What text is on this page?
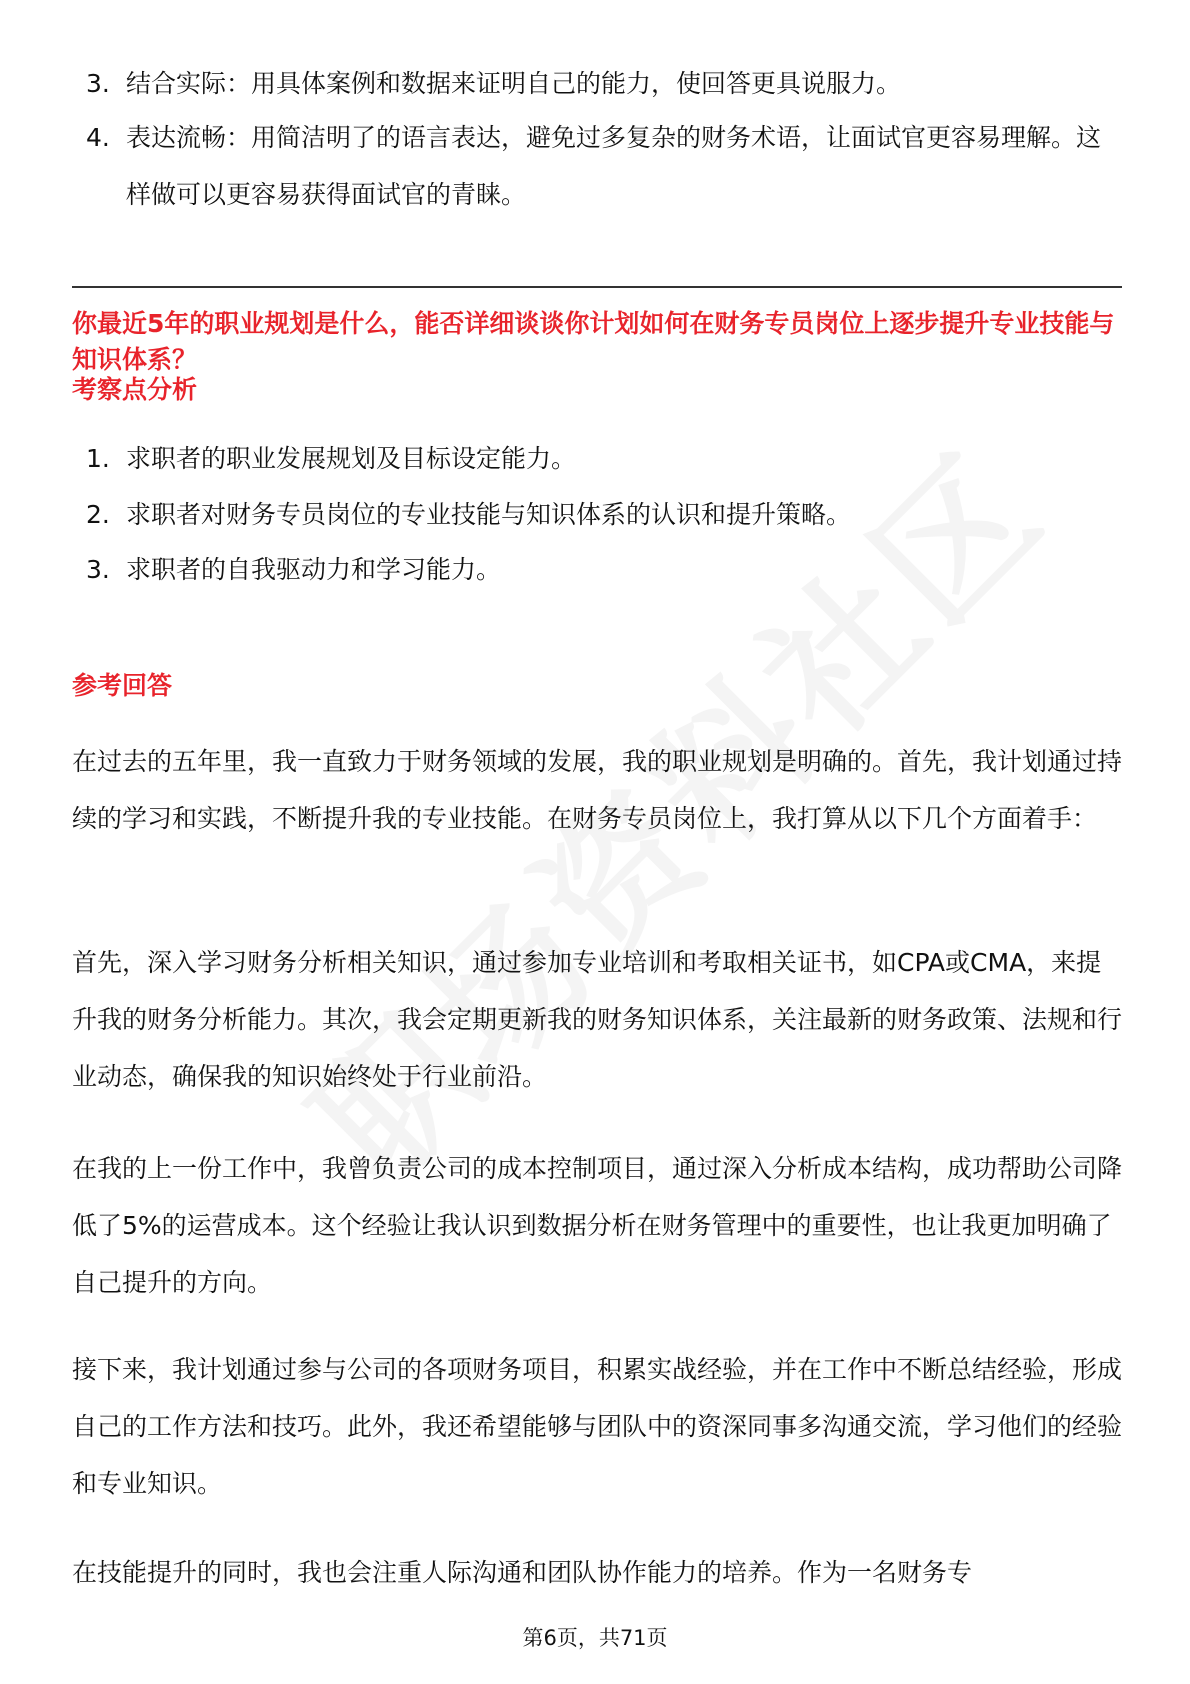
3. 结合实际：用具体案例和数据来证明自己的能力，使回答更具说服力。
4. 表达流畅：用简洁明了的语言表达，避免过多复杂的财务术语，让面试官更容易理解。这样做可以更容易获得面试官的青睐。
你最近5年的职业规划是什么，能否详细谈谈你计划如何在财务专员岗位上逐步提升专业技能与知识体系？
考察点分析
1. 求职者的职业发展规划及目标设定能力。
2. 求职者对财务专员岗位的专业技能与知识体系的认识和提升策略。
3. 求职者的自我驱动力和学习能力。
参考回答
在过去的五年里，我一直致力于财务领域的发展，我的职业规划是明确的。首先，我计划通过持续的学习和实践，不断提升我的专业技能。在财务专员岗位上，我打算从以下几个方面着手：
首先，深入学习财务分析相关知识，通过参加专业培训和考取相关证书，如CPA或CMA，来提升我的财务分析能力。其次，我会定期更新我的财务知识体系，关注最新的财务政策、法规和行业动态，确保我的知识始终处于行业前沿。
在我的上一份工作中，我曾负责公司的成本控制项目，通过深入分析成本结构，成功帮助公司降低了5%的运营成本。这个经验让我认识到数据分析在财务管理中的重要性，也让我更加明确了自己提升的方向。
接下来，我计划通过参与公司的各项财务项目，积累实战经验，并在工作中不断总结经验，形成自己的工作方法和技巧。此外，我还希望能够与团队中的资深同事多沟通交流，学习他们的经验和专业知识。
在技能提升的同时，我也会注重人际沟通和团队协作能力的培养。作为一名财务专
第6页，共71页
